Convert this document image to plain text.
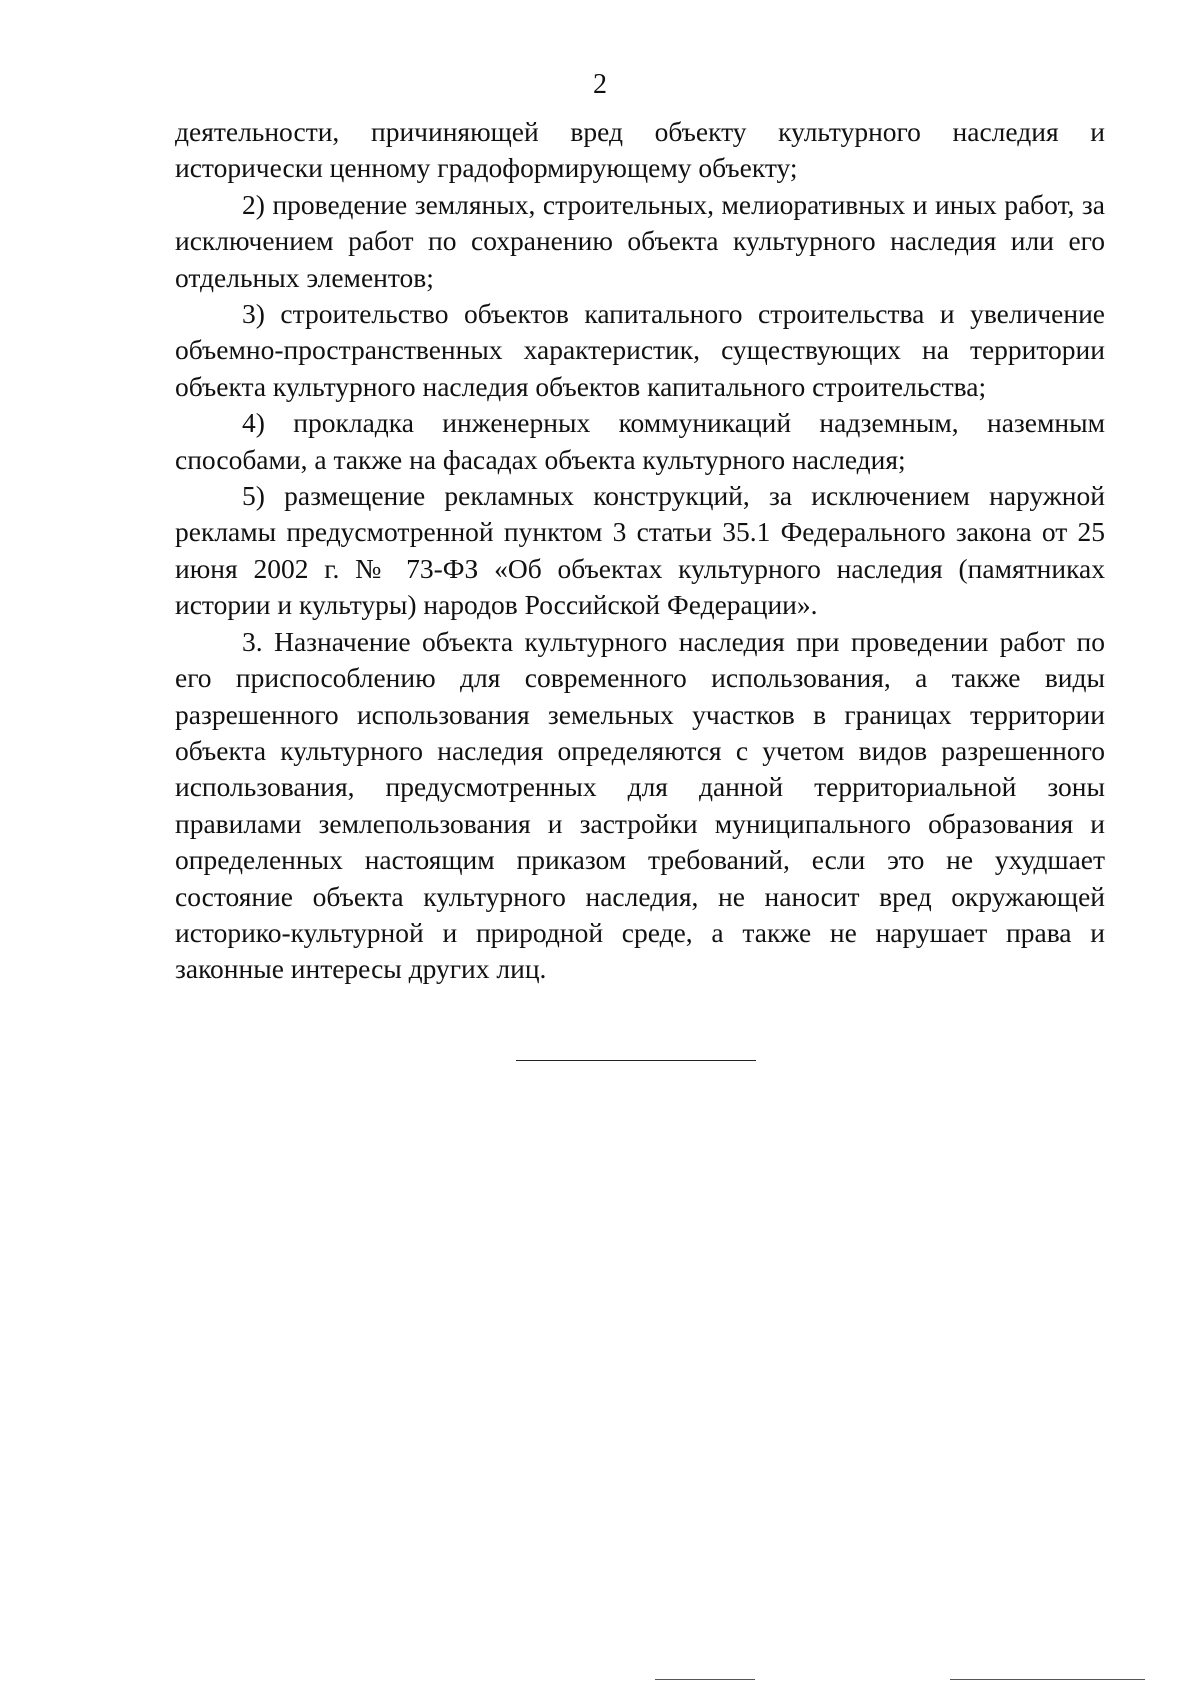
2

деятельности, причиняющей вред объекту культурного наследия и исторически ценному градоформирующему объекту;

2) проведение земляных, строительных, мелиоративных и иных работ, за исключением работ по сохранению объекта культурного наследия или его отдельных элементов;

3) строительство объектов капитального строительства и увеличение объемно-пространственных характеристик, существующих на территории объекта культурного наследия объектов капитального строительства;

4) прокладка инженерных коммуникаций надземным, наземным способами, а также на фасадах объекта культурного наследия;

5) размещение рекламных конструкций, за исключением наружной рекламы предусмотренной пунктом 3 статьи 35.1 Федерального закона от 25 июня 2002 г. № 73-ФЗ «Об объектах культурного наследия (памятниках истории и культуры) народов Российской Федерации».

3. Назначение объекта культурного наследия при проведении работ по его приспособлению для современного использования, а также виды разрешенного использования земельных участков в границах территории объекта культурного наследия определяются с учетом видов разрешенного использования, предусмотренных для данной территориальной зоны правилами землепользования и застройки муниципального образования и определенных настоящим приказом требований, если это не ухудшает состояние объекта культурного наследия, не наносит вред окружающей историко-культурной и природной среде, а также не нарушает права и законные интересы других лиц.
